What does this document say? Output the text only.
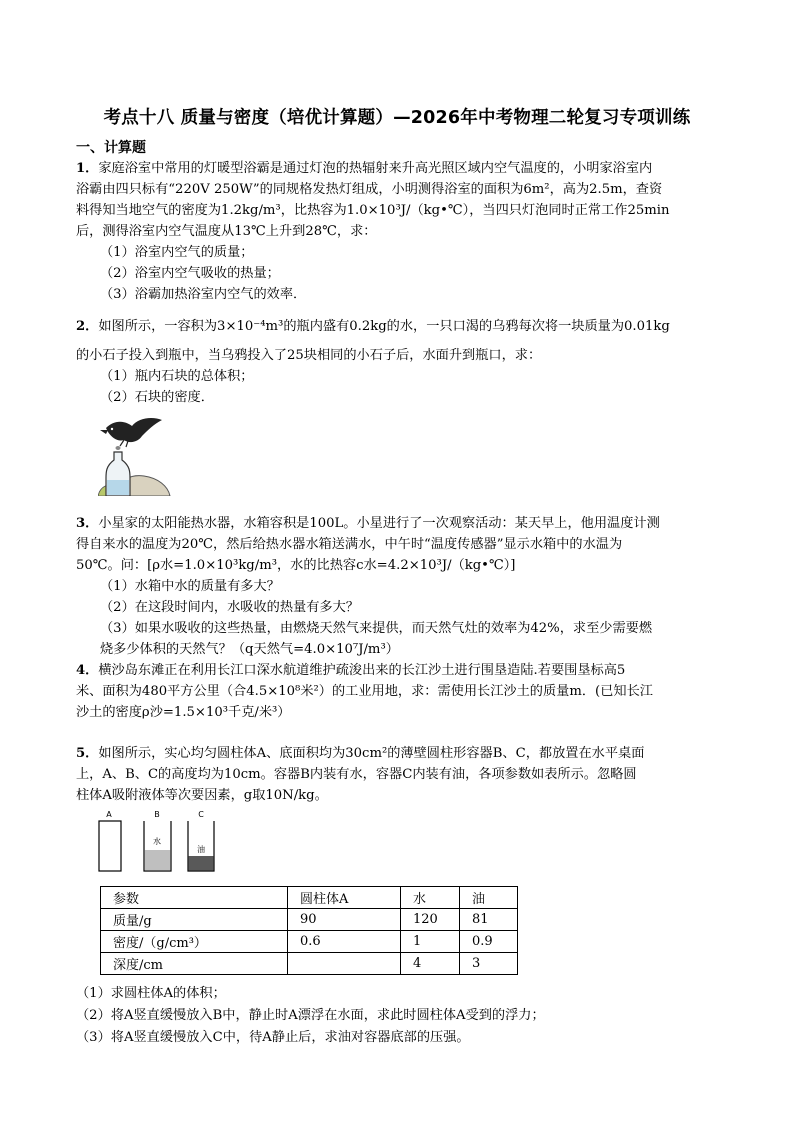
考点十八 质量与密度（培优计算题）—2026年中考物理二轮复习专项训练
一、计算题
1．家庭浴室中常用的灯暖型浴霸是通过灯泡的热辐射来升高光照区域内空气温度的，小明家浴室内
浴霸由四只标有“220V 250W”的同规格发热灯组成，小明测得浴室的面积为6m²，高为2.5m，查资
料得知当地空气的密度为1.2kg/m³，比热容为1.0×10³J/（kg•℃），当四只灯泡同时正常工作25min
后，测得浴室内空气温度从13℃上升到28℃，求：
（1）浴室内空气的质量；
（2）浴室内空气吸收的热量；
（3）浴霸加热浴室内空气的效率．
2．如图所示，一容积为3×10⁻⁴m³的瓶内盛有0.2kg的水，一只口渴的乌鸦每次将一块质量为0.01kg
的小石子投入到瓶中，当乌鸦投入了25块相同的小石子后，水面升到瓶口，求：
（1）瓶内石块的总体积；
（2）石块的密度．
3．小星家的太阳能热水器，水箱容积是100L。小星进行了一次观察活动：某天早上，他用温度计测
得自来水的温度为20℃，然后给热水器水箱送满水，中午时“温度传感器”显示水箱中的水温为
50℃。问：[ρ水=1.0×10³kg/m³，水的比热容c水=4.2×10³J/（kg•℃）]
（1）水箱中水的质量有多大？
（2）在这段时间内，水吸收的热量有多大？
（3）如果水吸收的这些热量，由燃烧天然气来提供，而天然气灶的效率为42%，求至少需要燃
烧多少体积的天然气？（q天然气=4.0×10⁷J/m³）
4．横沙岛东滩正在利用长江口深水航道维护疏浚出来的长江沙土进行围垦造陆.若要围垦标高5
米、面积为480平方公里（合4.5×10⁸米²）的工业用地，求：需使用长江沙土的质量m．(已知长江
沙土的密度ρ沙=1.5×10³千克/米³）
5．如图所示，实心均匀圆柱体A、底面积均为30cm²的薄壁圆柱形容器B、C，都放置在水平桌面
上，A、B、C的高度均为10cm。容器B内装有水，容器C内装有油，各项参数如表所示。忽略圆
柱体A吸附液体等次要因素，g取10N/kg。
A	B	C
水
油
参数	圆柱体A	水	油
质量/g	90	120	81
密度/（g/cm³）	0.6	1	0.9
深度/cm		4	3
（1）求圆柱体A的体积；
（2）将A竖直缓慢放入B中，静止时A漂浮在水面，求此时圆柱体A受到的浮力；
（3）将A竖直缓慢放入C中，待A静止后，求油对容器底部的压强。
